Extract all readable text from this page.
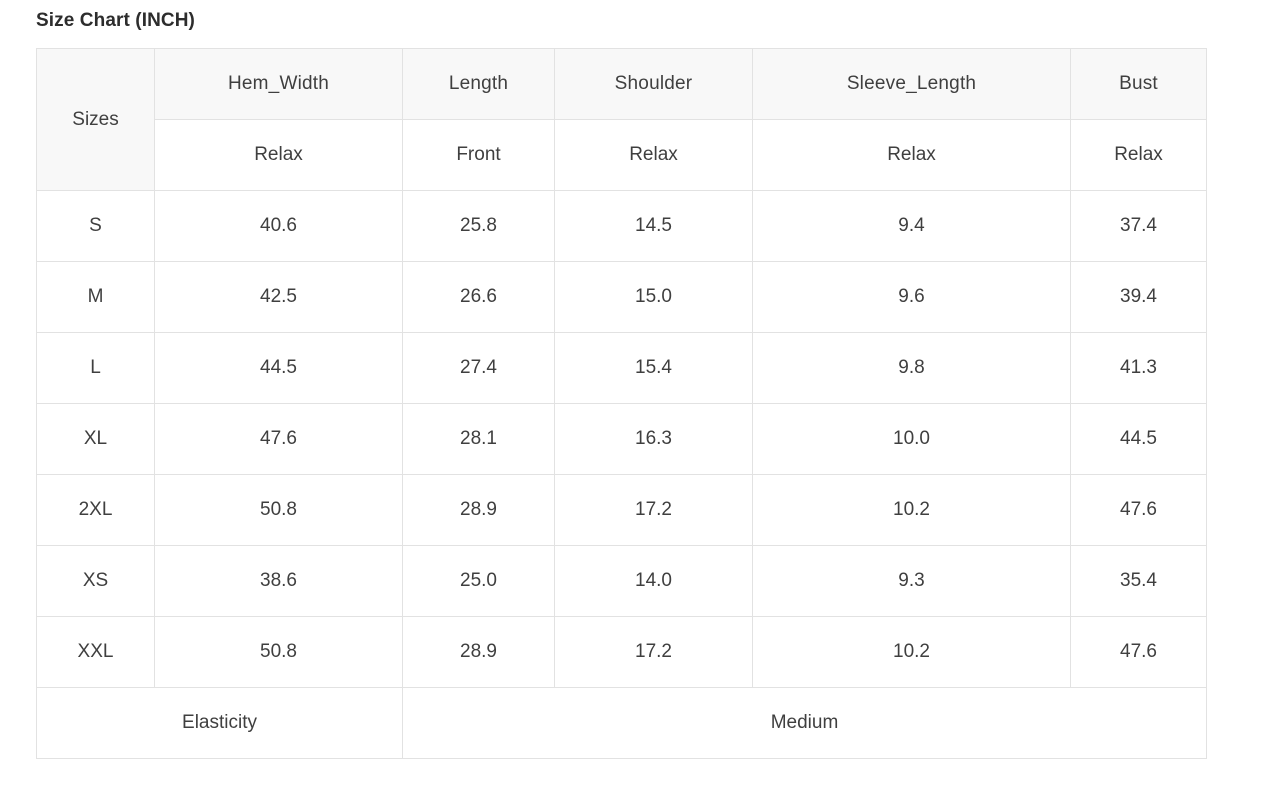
Size Chart (INCH)
Sizes	Hem_Width	Length	Shoulder	Sleeve_Length	Bust
	Relax	Front	Relax	Relax	Relax
S	40.6	25.8	14.5	9.4	37.4
M	42.5	26.6	15.0	9.6	39.4
L	44.5	27.4	15.4	9.8	41.3
XL	47.6	28.1	16.3	10.0	44.5
2XL	50.8	28.9	17.2	10.2	47.6
XS	38.6	25.0	14.0	9.3	35.4
XXL	50.8	28.9	17.2	10.2	47.6
Elasticity		Medium			
